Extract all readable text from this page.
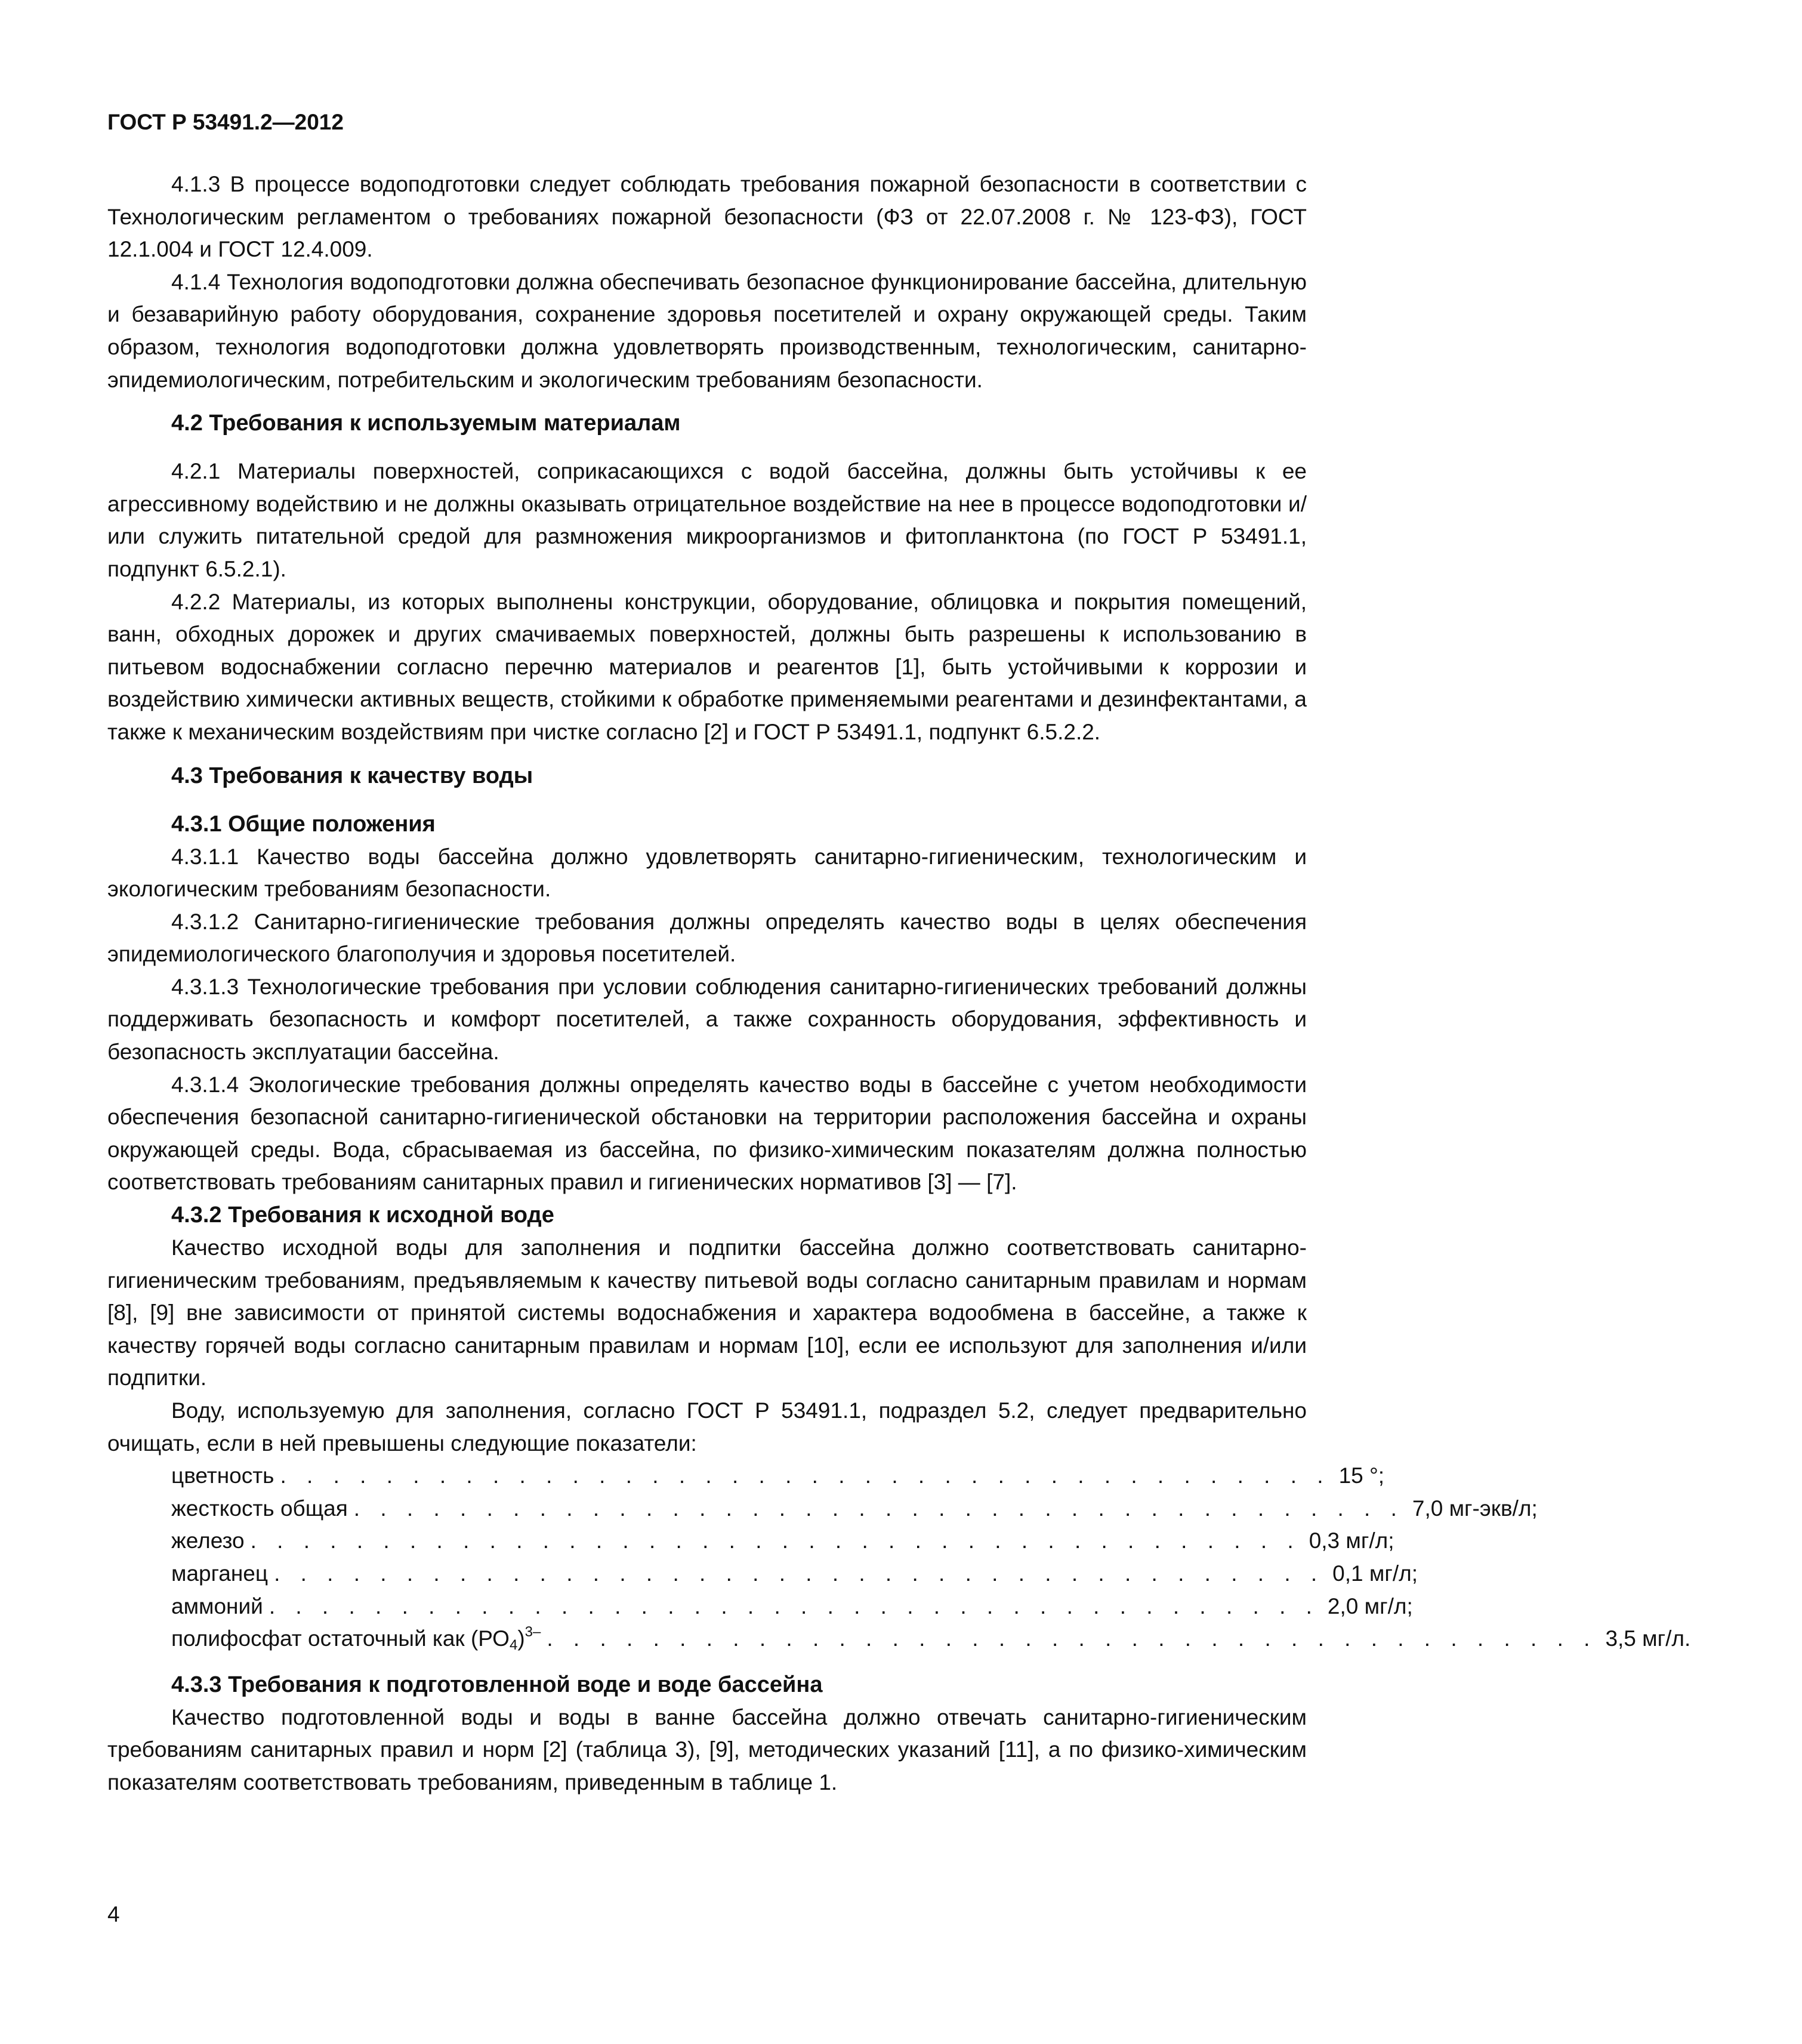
ГОСТ Р 53491.2—2012

4.1.3 В процессе водоподготовки следует соблюдать требования пожарной безопасности в соответствии с Технологическим регламентом о требованиях пожарной безопасности (ФЗ от 22.07.2008 г. № 123-ФЗ), ГОСТ 12.1.004 и ГОСТ 12.4.009.

4.1.4 Технология водоподготовки должна обеспечивать безопасное функционирование бассейна, длительную и безаварийную работу оборудования, сохранение здоровья посетителей и охрану окружающей среды. Таким образом, технология водоподготовки должна удовлетворять производственным, технологическим, санитарно-эпидемиологическим, потребительским и экологическим требованиям безопасности.

4.2 Требования к используемым материалам

4.2.1 Материалы поверхностей, соприкасающихся с водой бассейна, должны быть устойчивы к ее агрессивному водействию и не должны оказывать отрицательное воздействие на нее в процессе водоподготовки и/или служить питательной средой для размножения микроорганизмов и фитопланктона (по ГОСТ Р 53491.1, подпункт 6.5.2.1).

4.2.2 Материалы, из которых выполнены конструкции, оборудование, облицовка и покрытия помещений, ванн, обходных дорожек и других смачиваемых поверхностей, должны быть разрешены к использованию в питьевом водоснабжении согласно перечню материалов и реагентов [1], быть устойчивыми к коррозии и воздействию химически активных веществ, стойкими к обработке применяемыми реагентами и дезинфектантами, а также к механическим воздействиям при чистке согласно [2] и ГОСТ Р 53491.1, подпункт 6.5.2.2.

4.3 Требования к качеству воды
4.3.1 Общие положения

4.3.1.1 Качество воды бассейна должно удовлетворять санитарно-гигиеническим, технологическим и экологическим требованиям безопасности.

4.3.1.2 Санитарно-гигиенические требования должны определять качество воды в целях обеспечения эпидемиологического благополучия и здоровья посетителей.

4.3.1.3 Технологические требования при условии соблюдения санитарно-гигиенических требований должны поддерживать безопасность и комфорт посетителей, а также сохранность оборудования, эффективность и безопасность эксплуатации бассейна.

4.3.1.4 Экологические требования должны определять качество воды в бассейне с учетом необходимости обеспечения безопасной санитарно-гигиенической обстановки на территории расположения бассейна и охраны окружающей среды. Вода, сбрасываемая из бассейна, по физико-химическим показателям должна полностью соответствовать требованиям санитарных правил и гигиенических нормативов [3] — [7].

4.3.2 Требования к исходной воде

Качество исходной воды для заполнения и подпитки бассейна должно соответствовать санитарно-гигиеническим требованиям, предъявляемым к качеству питьевой воды согласно санитарным правилам и нормам [8], [9] вне зависимости от принятой системы водоснабжения и характера водообмена в бассейне, а также к качеству горячей воды согласно санитарным правилам и нормам [10], если ее используют для заполнения и/или подпитки.

Воду, используемую для заполнения, согласно ГОСТ Р 53491.1, подраздел 5.2, следует предварительно очищать, если в ней превышены следующие показатели:

цветность . . . . . . . . . . . . . . . . . . . . . . . . . . . . . . . . . . . . . . . . 15 °;
жесткость общая . . . . . . . . . . . . . . . . . . . . . . . . . . . . . . . . . . . . . . . . 7,0 мг-экв/л;
железо . . . . . . . . . . . . . . . . . . . . . . . . . . . . . . . . . . . . . . . . 0,3 мг/л;
марганец . . . . . . . . . . . . . . . . . . . . . . . . . . . . . . . . . . . . . . . . 0,1 мг/л;
аммоний . . . . . . . . . . . . . . . . . . . . . . . . . . . . . . . . . . . . . . . . 2,0 мг/л;
полифосфат остаточный как $(РО_4)^{3-}$ . . . . . . . . . . . . . . . . . . . . . . . . . . . . . . . . . . . . . . . . 3,5 мг/л.
4.3.3 Требования к подготовленной воде и воде бассейна

Качество подготовленной воды и воды в ванне бассейна должно отвечать санитарно-гигиеническим требованиям санитарных правил и норм [2] (таблица 3), [9], методических указаний [11], а по физико-химическим показателям соответствовать требованиям, приведенным в таблице 1.

4
